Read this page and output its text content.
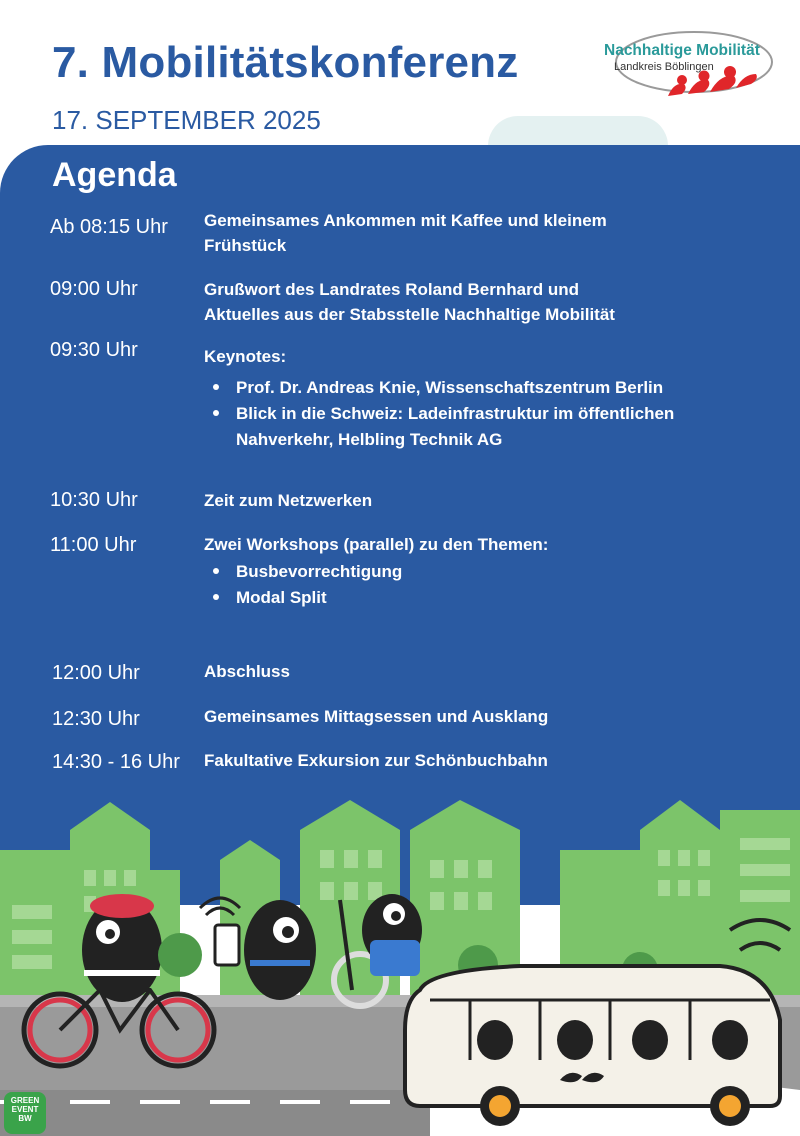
7. Mobilitätskonferenz
17. SEPTEMBER 2025
Nachhaltige Mobilität
Landkreis Böblingen
Agenda
Ab 08:15 Uhr Gemeinsames Ankommen mit Kaffee und kleinem
Frühstück
09:00 Uhr	Grußwort des Landrates Roland Bernhard und
Aktuelles aus der Stabsstelle Nachhaltige Mobilität
09:30 Uhr	Keynotes:
Prof. Dr. Andreas Knie, Wissenschaftszentrum Berlin
Blick in die Schweiz: Ladeinfrastruktur im öffentlichen
Nahverkehr, Helbling Technik AG
10:30 Uhr	Zeit zum Netzwerken
11:00 Uhr	Zwei Workshops (parallel) zu den Themen:
Busbevorrechtigung
Modal Split
12:00 Uhr	Abschluss
12:30 Uhr	Gemeinsames Mittagsessen und Ausklang
14:30 - 16 Uhr Fakultative Exkursion zur Schönbuchbahn
GREEN
EVENT
BW
